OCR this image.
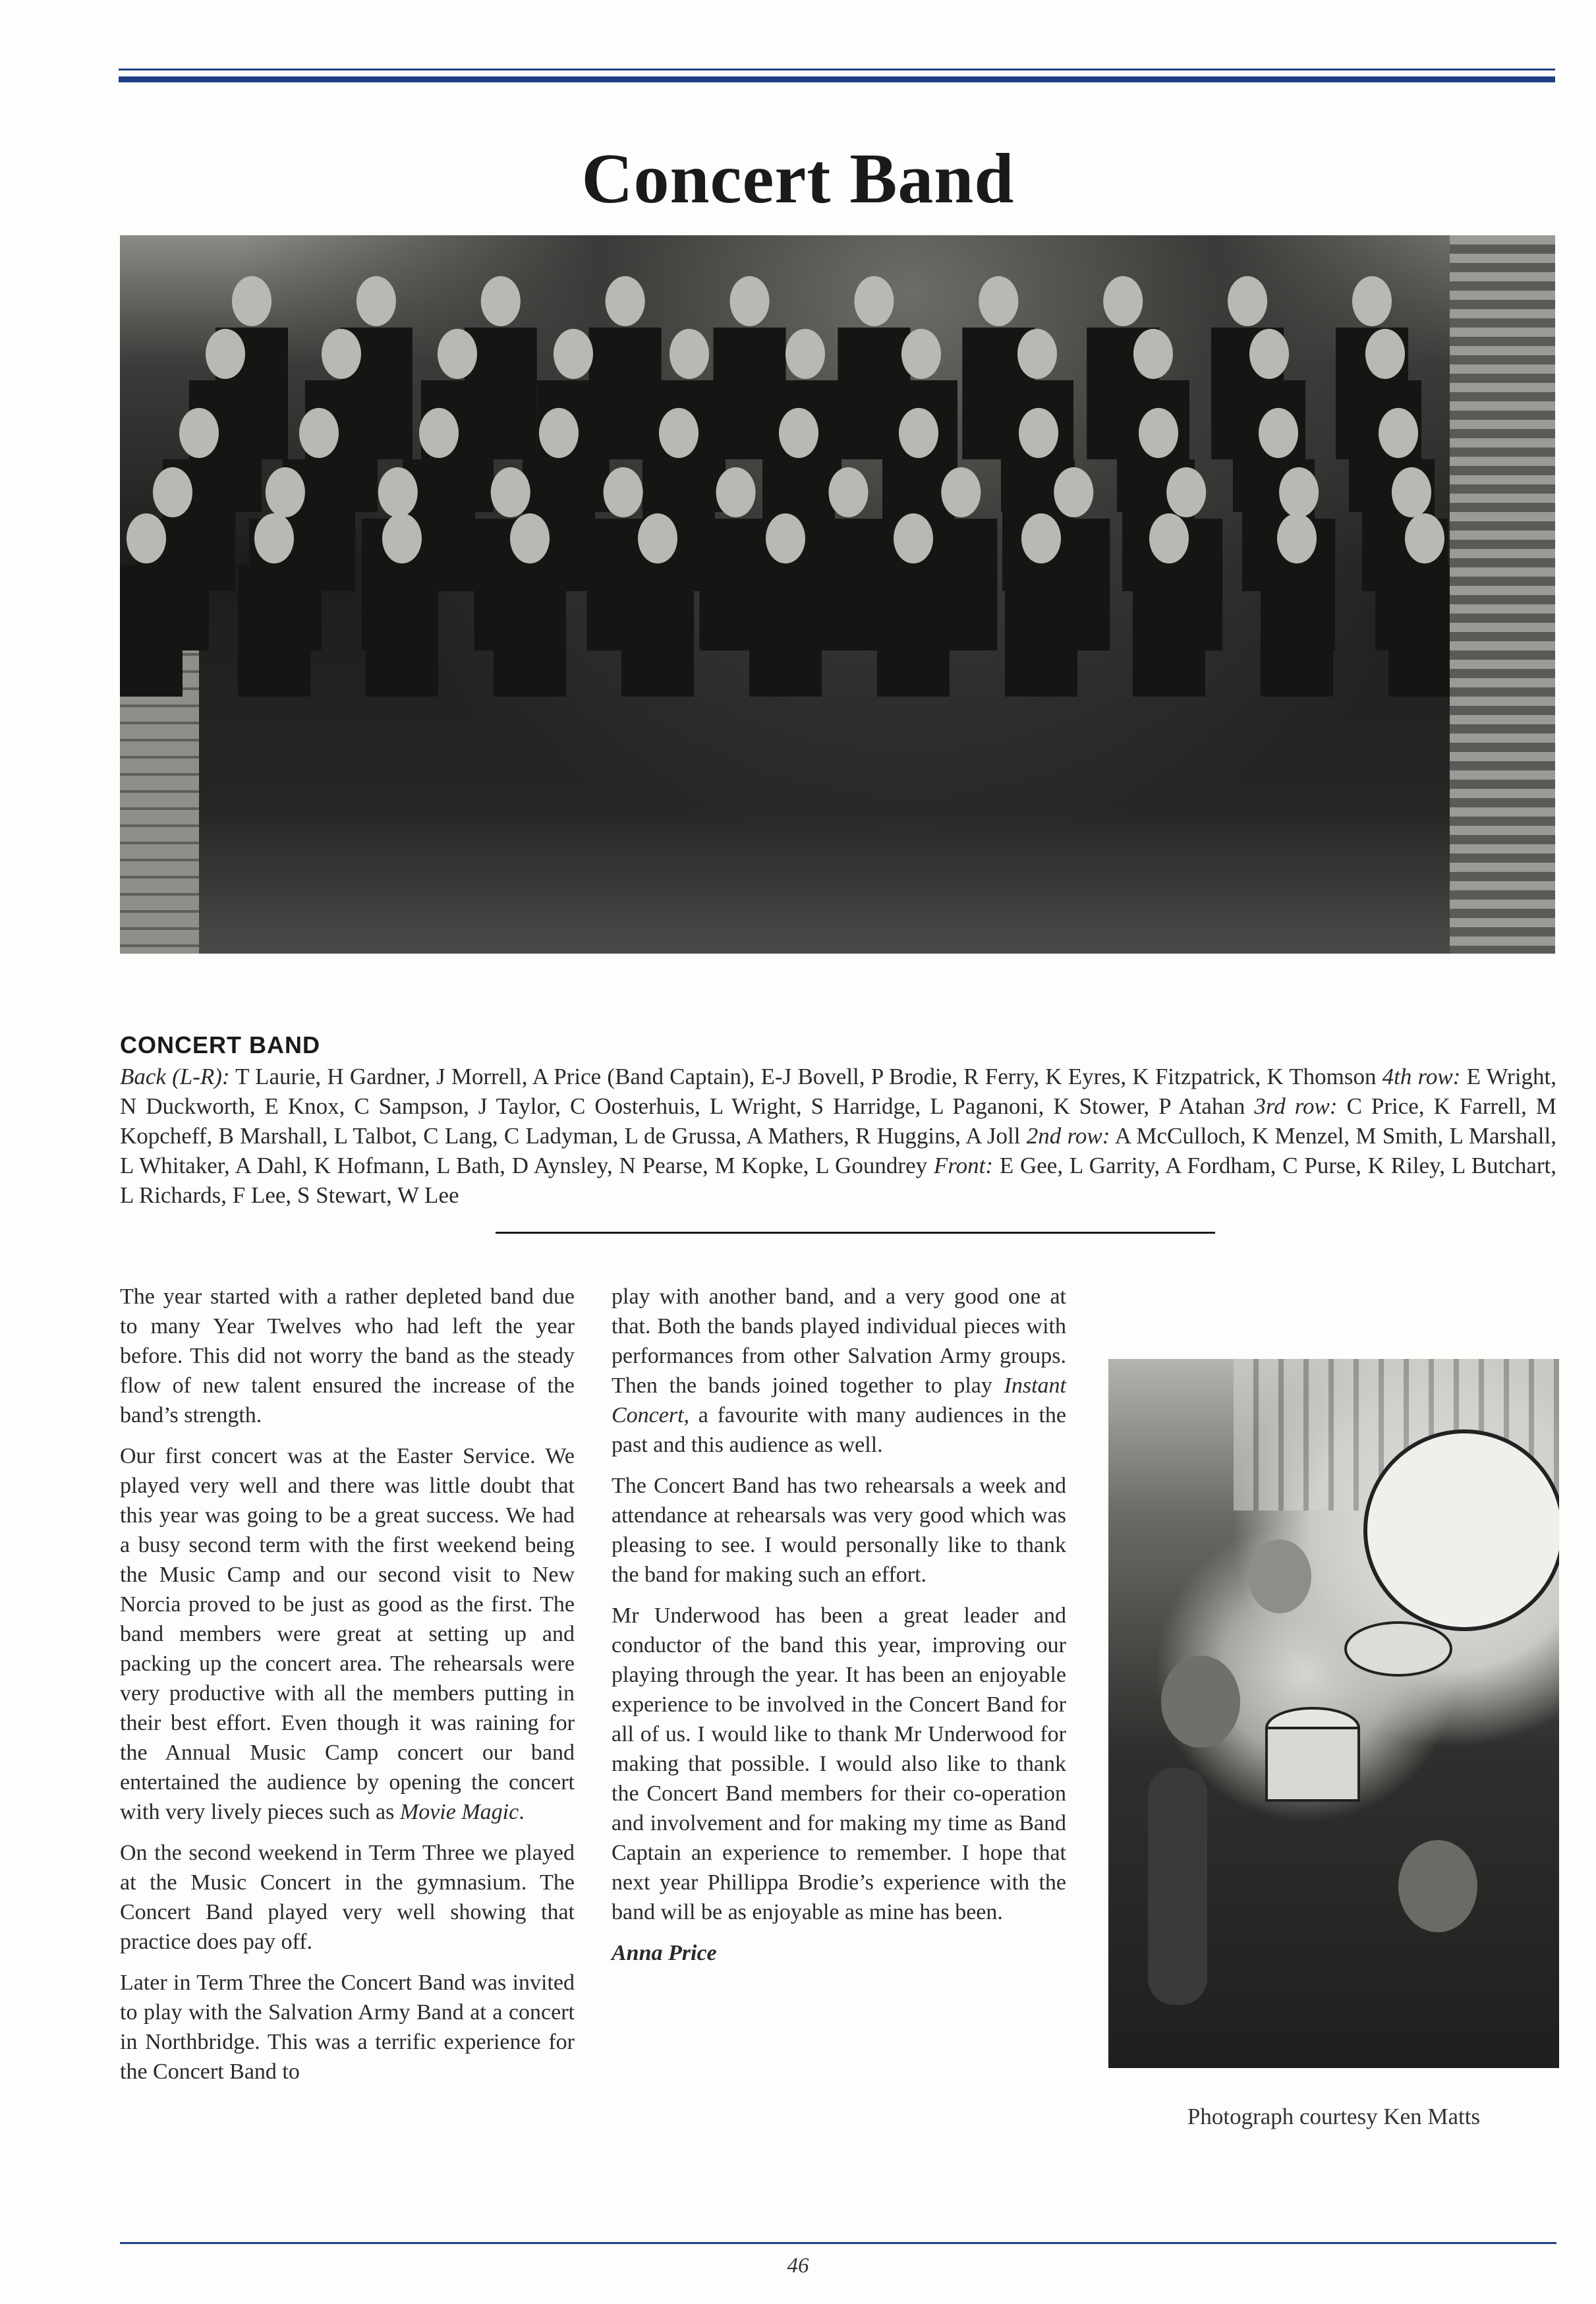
Concert Band
CONCERT BAND
Back (L-R): T Laurie, H Gardner, J Morrell, A Price (Band Captain), E-J Bovell, P Brodie, R Ferry, K Eyres, K Fitzpatrick, K Thomson 4th row: E Wright, N Duckworth, E Knox, C Sampson, J Taylor, C Oosterhuis, L Wright, S Harridge, L Paganoni, K Stower, P Atahan 3rd row: C Price, K Farrell, M Kopcheff, B Marshall, L Talbot, C Lang, C Ladyman, L de Grussa, A Mathers, R Huggins, A Joll 2nd row: A McCulloch, K Menzel, M Smith, L Marshall, L Whitaker, A Dahl, K Hofmann, L Bath, D Aynsley, N Pearse, M Kopke, L Goundrey Front: E Gee, L Garrity, A Fordham, C Purse, K Riley, L Butchart, L Richards, F Lee, S Stewart, W Lee

The year started with a rather depleted band due to many Year Twelves who had left the year before. This did not worry the band as the steady flow of new talent ensured the increase of the band’s strength.

Our first concert was at the Easter Service. We played very well and there was little doubt that this year was going to be a great success. We had a busy second term with the first weekend being the Music Camp and our second visit to New Norcia proved to be just as good as the first. The band members were great at setting up and packing up the concert area. The rehearsals were very productive with all the members putting in their best effort. Even though it was raining for the Annual Music Camp concert our band entertained the audience by opening the concert with very lively pieces such as Movie Magic.

On the second weekend in Term Three we played at the Music Concert in the gymnasium. The Concert Band played very well showing that practice does pay off.

Later in Term Three the Concert Band was invited to play with the Salvation Army Band at a concert in Northbridge. This was a terrific experience for the Concert Band to

play with another band, and a very good one at that. Both the bands played individual pieces with performances from other Salvation Army groups. Then the bands joined together to play Instant Concert, a favourite with many audiences in the past and this audience as well.

The Concert Band has two rehearsals a week and attendance at rehearsals was very good which was pleasing to see. I would personally like to thank the band for making such an effort.

Mr Underwood has been a great leader and conductor of the band this year, improving our playing through the year. It has been an enjoyable experience to be involved in the Concert Band for all of us. I would like to thank Mr Underwood for making that possible. I would also like to thank the Concert Band members for their co-operation and involvement and for making my time as Band Captain an experience to remember. I hope that next year Phillippa Brodie’s experience with the band will be as enjoyable as mine has been.

Anna Price

Photograph courtesy Ken Matts
46
